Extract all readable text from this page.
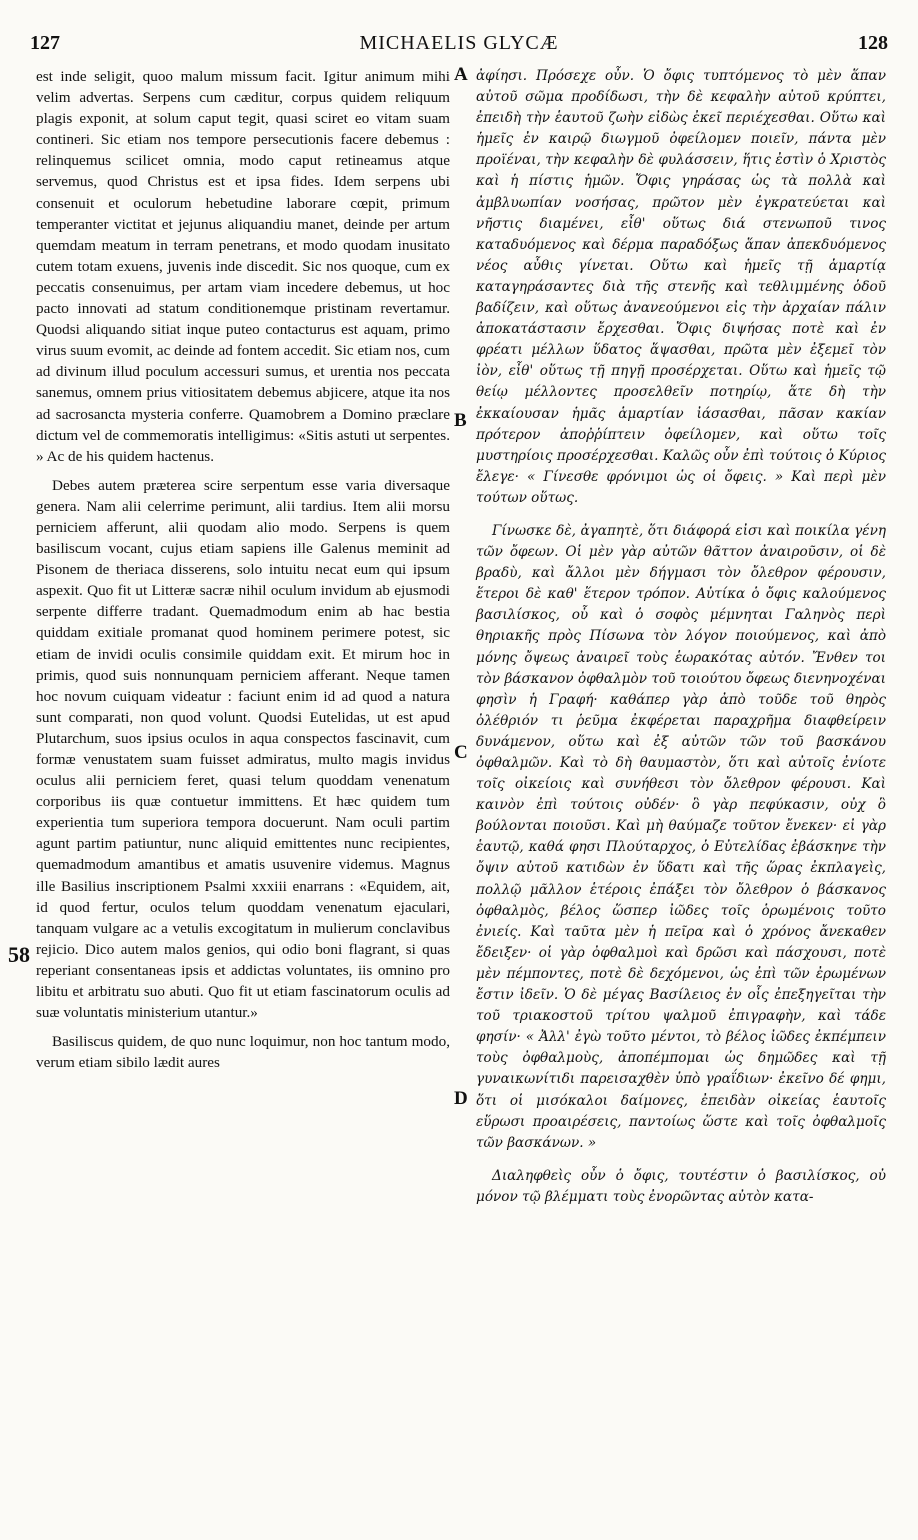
127	MICHAELIS GLYCÆ	128

est inde seligit, quoo malum missum facit. Igitur animum mihi velim advertas. Serpens cum cæditur, corpus quidem reliquum plagis exponit, at solum caput tegit, quasi sciret eo vitam suam contineri. Sic etiam nos tempore persecutionis facere debemus : relinquemus scilicet omnia, modo caput retineamus atque servemus, quod Christus est et ipsa fides. Idem serpens ubi consenuit et oculorum hebetudine laborare cœpit, primum temperanter victitat et jejunus aliquandiu manet, deinde per artum quemdam meatum in terram penetrans, et modo quodam inusitato cutem totam exuens, juvenis inde discedit. Sic nos quoque, cum ex peccatis consenuimus, per artam viam incedere debemus, ut hoc pacto innovati ad statum conditionemque pristinam revertamur. Quodsi aliquando sitiat inque puteo contacturus est aquam, primo virus suum evomit, ac deinde ad fontem accedit. Sic etiam nos, cum ad divinum illud poculum accessuri sumus, et urentia nos peccata sanemus, omnem prius vitiositatem debemus abjicere, atque ita nos ad sacrosancta mysteria conferre. Quamobrem a Domino præclare dictum vel de commemoratis intelligimus: «Sitis astuti ut serpentes. » Ac de his quidem hactenus.

Debes autem præterea scire serpentum esse varia diversaque genera. Nam alii celerrime perimunt, alii tardius. Item alii morsu perniciem afferunt, alii quodam alio modo. Serpens is quem basiliscum vocant, cujus etiam sapiens ille Galenus meminit ad Pisonem de theriaca disserens, solo intuitu necat eum qui ipsum aspexit. Quo fit ut Litteræ sacræ nihil oculum invidum ab ejusmodi serpente differre tradant. Quemadmodum enim ab hac bestia quiddam exitiale promanat quod hominem perimere potest, sic etiam de invidi oculis consimile quiddam exit. Et mirum hoc in primis, quod suis nonnunquam perniciem afferant. Neque tamen hoc novum cuiquam videatur : faciunt enim id ad quod a natura sunt comparati, non quod volunt. Quodsi Eutelidas, ut est apud Plutarchum, suos ipsius oculos in aqua conspectos fascinavit, cum formæ venustatem suam fuisset admiratus, multo magis invidus oculus alii perniciem feret, quasi telum quoddam venenatum corporibus iis quæ contuetur immittens. Et hæc quidem tum experientia tum superiora tempora docuerunt. Nam oculi partim agunt partim patiuntur, nunc aliquid emittentes nunc recipientes, quemadmodum amantibus et amatis usuvenire videmus. Magnus ille Basilius inscriptionem Psalmi xxxiii enarrans : «Equidem, ait, id quod fertur, oculos telum quoddam venenatum ejaculari, tanquam vulgare ac a vetulis excogitatum in mulierum conclavibus rejicio. Dico autem malos genios, qui odio boni flagrant, si quas reperiant consentaneas ipsis et addictas voluntates, iis omnino pro libitu et arbitratu suo abuti. Quo fit ut etiam fascinatorum oculis ad suæ voluntatis ministerium utantur.»

Basiliscus quidem, de quo nunc loquimur, non hoc tantum modo, verum etiam sibilo lædit aures

ἀφίησι. Πρόσεχε οὖν. Ὁ ὄφις τυπτόμενος τὸ μὲν ἅπαν αὐτοῦ σῶμα προδίδωσι, τὴν δὲ κεφαλὴν αὐτοῦ κρύπτει, ἐπειδὴ τὴν ἑαυτοῦ ζωὴν εἰδὼς ἐκεῖ περιέχεσθαι. Οὕτω καὶ ἡμεῖς ἐν καιρῷ διωγμοῦ ὀφείλομεν ποιεῖν, πάντα μὲν προϊέναι, τὴν κεφαλὴν δὲ φυλάσσειν, ἥτις ἐστὶν ὁ Χριστὸς καὶ ἡ πίστις ἡμῶν. Ὄφις γηράσας ὡς τὰ πολλὰ καὶ ἀμβλυωπίαν νοσήσας, πρῶτον μὲν ἐγκρατεύεται καὶ νῆστις διαμένει, εἶθ' οὕτως διά στενωποῦ τινος καταδυόμενος καὶ δέρμα παραδόξως ἅπαν ἀπεκδυόμενος νέος αὖθις γίνεται. Οὕτω καὶ ἡμεῖς τῇ ἁμαρτίᾳ καταγηράσαντες διὰ τῆς στενῆς καὶ τεθλιμμένης ὁδοῦ βαδίζειν, καὶ οὕτως ἀνανεούμενοι εἰς τὴν ἀρχαίαν πάλιν ἀποκατάστασιν ἔρχεσθαι. Ὄφις διψήσας ποτὲ καὶ ἐν φρέατι μέλλων ὕδατος ἅψασθαι, πρῶτα μὲν ἐξεμεῖ τὸν ἰὸν, εἶθ' οὕτως τῇ πηγῇ προσέρχεται. Οὕτω καὶ ἡμεῖς τῷ θείῳ μέλλοντες προσελθεῖν ποτηρίῳ, ἅτε δὴ τὴν ἐκκαίουσαν ἡμᾶς ἁμαρτίαν ἰάσασθαι, πᾶσαν κακίαν πρότερον ἀποῤῥίπτειν ὀφείλομεν, καὶ οὕτω τοῖς μυστηρίοις προσέρχεσθαι. Καλῶς οὖν ἐπὶ τούτοις ὁ Κύριος ἔλεγε· « Γίνεσθε φρόνιμοι ὡς οἱ ὄφεις. » Καὶ περὶ μὲν τούτων οὕτως.

Γίνωσκε δὲ, ἀγαπητὲ, ὅτι διάφορά εἰσι καὶ ποικίλα γένη τῶν ὄφεων. Οἱ μὲν γὰρ αὐτῶν θᾶττον ἀναιροῦσιν, οἱ δὲ βραδὺ, καὶ ἄλλοι μὲν δήγμασι τὸν ὄλεθρον φέρουσιν, ἕτεροι δὲ καθ' ἕτερον τρόπον. Αὐτίκα ὁ ὄφις καλούμενος βασιλίσκος, οὗ καὶ ὁ σοφὸς μέμνηται Γαληνὸς περὶ θηριακῆς πρὸς Πίσωνα τὸν λόγον ποιούμενος, καὶ ἀπὸ μόνης ὄψεως ἀναιρεῖ τοὺς ἑωρακότας αὐτόν. Ἔνθεν τοι τὸν βάσκανον ὀφθαλμὸν τοῦ τοιούτου ὄφεως διενηνοχέναι φησὶν ἡ Γραφή· καθάπερ γὰρ ἀπὸ τοῦδε τοῦ θηρὸς ὀλέθριόν τι ῥεῦμα ἐκφέρεται παραχρῆμα διαφθείρειν δυνάμενον, οὕτω καὶ ἐξ αὐτῶν τῶν τοῦ βασκάνου ὀφθαλμῶν. Καὶ τὸ δὴ θαυμαστὸν, ὅτι καὶ αὐτοῖς ἐνίοτε τοῖς οἰκείοις καὶ συνήθεσι τὸν ὄλεθρον φέρουσι. Καὶ καινὸν ἐπὶ τούτοις οὐδέν· ὃ γὰρ πεφύκασιν, οὐχ ὃ βούλονται ποιοῦσι. Καὶ μὴ θαύμαζε τοῦτον ἔνεκεν· εἰ γὰρ ἑαυτῷ, καθά φησι Πλούταρχος, ὁ Εὐτελίδας ἐβάσκηνε τὴν ὄψιν αὐτοῦ κατιδὼν ἐν ὕδατι καὶ τῆς ὥρας ἐκπλαγεὶς, πολλῷ μᾶλλον ἑτέροις ἐπάξει τὸν ὄλεθρον ὁ βάσκανος ὀφθαλμὸς, βέλος ὥσπερ ἰῶδες τοῖς ὁρωμένοις τοῦτο ἐνιείς. Καὶ ταῦτα μὲν ἡ πεῖρα καὶ ὁ χρόνος ἄνεκαθεν ἔδειξεν· οἱ γὰρ ὀφθαλμοὶ καὶ δρῶσι καὶ πάσχουσι, ποτὲ μὲν πέμποντες, ποτὲ δὲ δεχόμενοι, ὡς ἐπὶ τῶν ἐρωμένων ἔστιν ἰδεῖν. Ὁ δὲ μέγας Βασίλειος ἐν οἷς ἐπεξηγεῖται τὴν τοῦ τριακοστοῦ τρίτου ψαλμοῦ ἐπιγραφὴν, καὶ τάδε φησίν· « Ἀλλ' ἐγὼ τοῦτο μέντοι, τὸ βέλος ἰῶδες ἐκπέμπειν τοὺς ὀφθαλμοὺς, ἀποπέμπομαι ὡς δημῶδες καὶ τῇ γυναικωνίτιδι παρεισαχθὲν ὑπὸ γραΐδιων· ἐκεῖνο δέ φημι, ὅτι οἱ μισόκαλοι δαίμονες, ἐπειδὰν οἰκείας ἑαυτοῖς εὕρωσι προαιρέσεις, παντοίως ὥστε καὶ τοῖς ὀφθαλμοῖς τῶν βασκάνων. »

Διαληφθεὶς οὖν ὁ ὄφις, τουτέστιν ὁ βασιλίσκος, οὐ μόνον τῷ βλέμματι τοὺς ἐνορῶντας αὐτὸν κατα-

A
B
C
D
58
